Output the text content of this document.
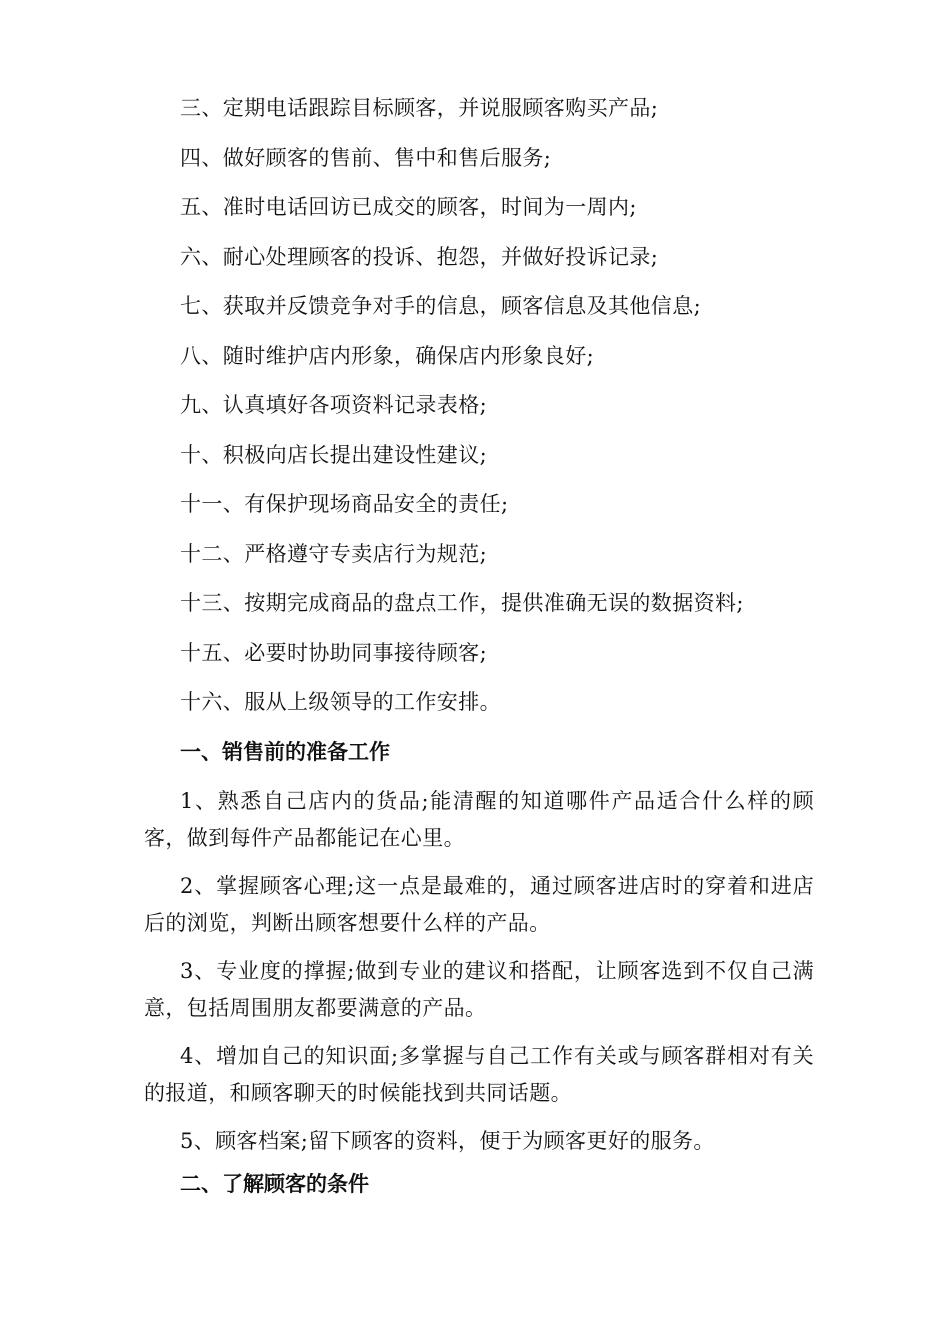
三、定期电话跟踪目标顾客，并说服顾客购买产品;
四、做好顾客的售前、售中和售后服务;
五、准时电话回访已成交的顾客，时间为一周内;
六、耐心处理顾客的投诉、抱怨，并做好投诉记录;
七、获取并反馈竞争对手的信息，顾客信息及其他信息;
八、随时维护店内形象，确保店内形象良好;
九、认真填好各项资料记录表格;
十、积极向店长提出建设性建议;
十一、有保护现场商品安全的责任;
十二、严格遵守专卖店行为规范;
十三、按期完成商品的盘点工作，提供准确无误的数据资料;
十五、必要时协助同事接待顾客;
十六、服从上级领导的工作安排。
一、销售前的准备工作
1、熟悉自己店内的货品;能清醒的知道哪件产品适合什么样的顾客，做到每件产品都能记在心里。
2、掌握顾客心理;这一点是最难的，通过顾客进店时的穿着和进店后的浏览，判断出顾客想要什么样的产品。
3、专业度的撑握;做到专业的建议和搭配，让顾客选到不仅自己满意，包括周围朋友都要满意的产品。
4、增加自己的知识面;多掌握与自己工作有关或与顾客群相对有关的报道，和顾客聊天的时候能找到共同话题。
5、顾客档案;留下顾客的资料，便于为顾客更好的服务。
二、了解顾客的条件
